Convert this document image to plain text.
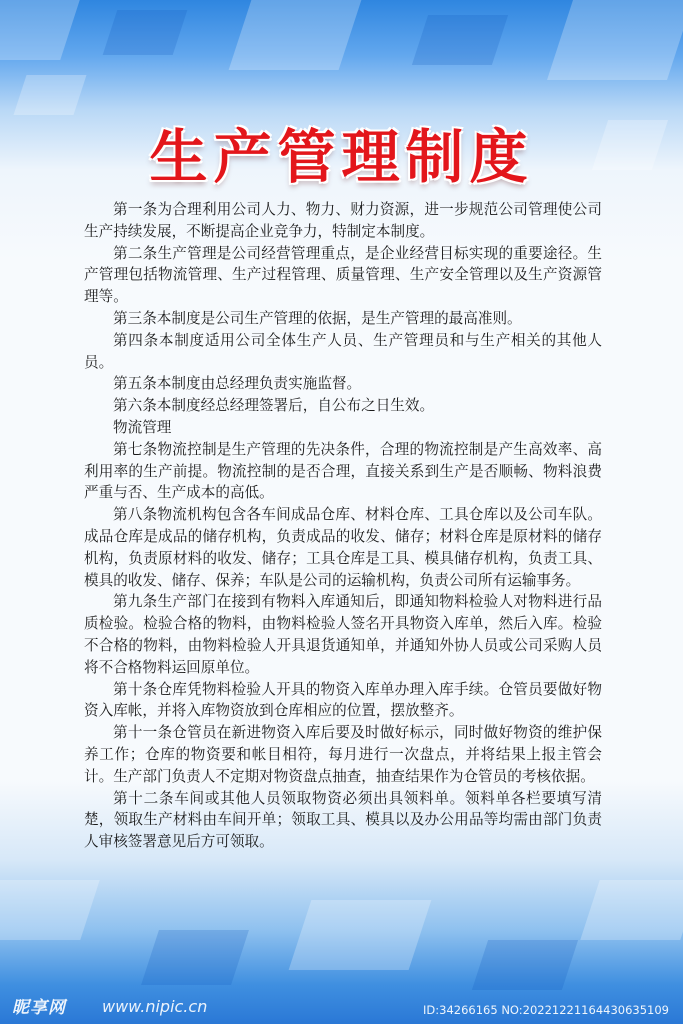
生产管理制度

第一条为合理利用公司人力、物力、财力资源，进一步规范公司管理使公司生产持续发展，不断提高企业竞争力，特制定本制度。

第二条生产管理是公司经营管理重点，是企业经营目标实现的重要途径。生产管理包括物流管理、生产过程管理、质量管理、生产安全管理以及生产资源管理等。

第三条本制度是公司生产管理的依据，是生产管理的最高准则。

第四条本制度适用公司全体生产人员、生产管理员和与生产相关的其他人员。

第五条本制度由总经理负责实施监督。

第六条本制度经总经理签署后，自公布之日生效。

物流管理

第七条物流控制是生产管理的先决条件，合理的物流控制是产生高效率、高利用率的生产前提。物流控制的是否合理，直接关系到生产是否顺畅、物料浪费严重与否、生产成本的高低。

第八条物流机构包含各车间成品仓库、材料仓库、工具仓库以及公司车队。成品仓库是成品的储存机构，负责成品的收发、储存；材料仓库是原材料的储存机构，负责原材料的收发、储存；工具仓库是工具、模具储存机构，负责工具、模具的收发、储存、保养；车队是公司的运输机构，负责公司所有运输事务。

第九条生产部门在接到有物料入库通知后，即通知物料检验人对物料进行品质检验。检验合格的物料，由物料检验人签名开具物资入库单，然后入库。检验不合格的物料，由物料检验人开具退货通知单，并通知外协人员或公司采购人员将不合格物料运回原单位。

第十条仓库凭物料检验人开具的物资入库单办理入库手续。仓管员要做好物资入库帐，并将入库物资放到仓库相应的位置，摆放整齐。

第十一条仓管员在新进物资入库后要及时做好标示，同时做好物资的维护保养工作；仓库的物资要和帐目相符，每月进行一次盘点，并将结果上报主管会计。生产部门负责人不定期对物资盘点抽查，抽查结果作为仓管员的考核依据。

第十二条车间或其他人员领取物资必须出具领料单。领料单各栏要填写清楚，领取生产材料由车间开单；领取工具、模具以及办公用品等均需由部门负责人审核签署意见后方可领取。

昵享网 www.nipic.cn	ID:34266165 NO:20221221164430635109
